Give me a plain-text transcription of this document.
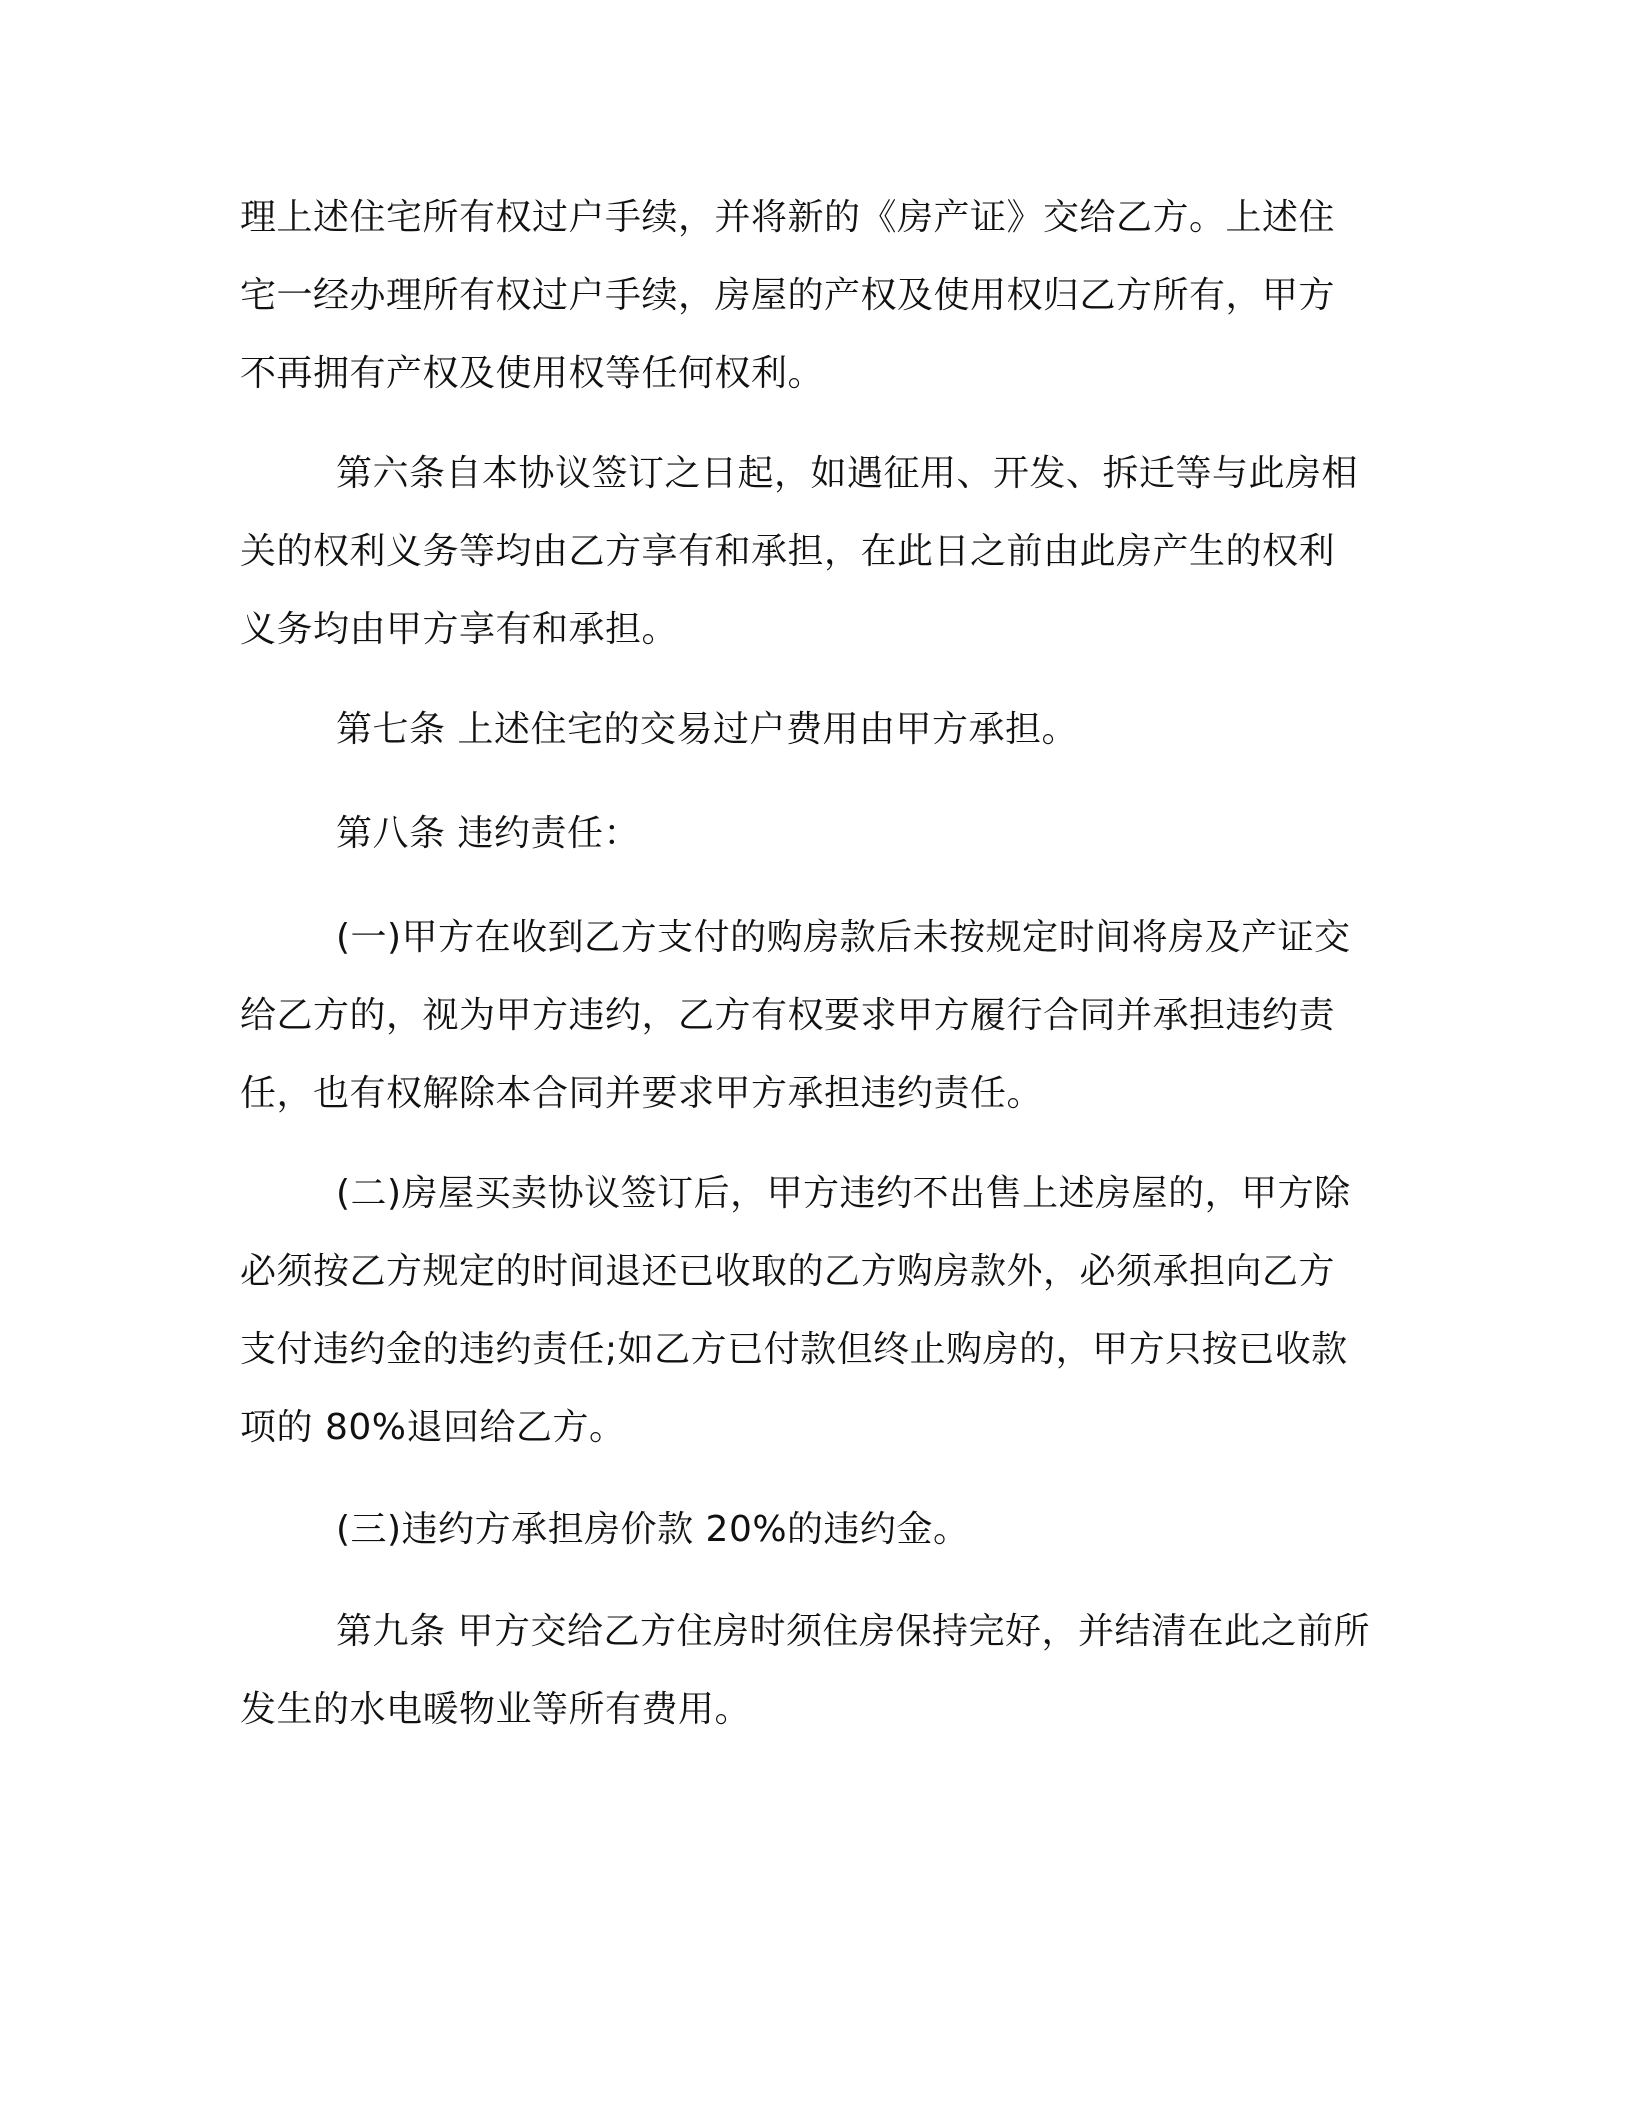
理上述住宅所有权过户手续，并将新的《房产证》交给乙方。上述住
宅一经办理所有权过户手续，房屋的产权及使用权归乙方所有，甲方
不再拥有产权及使用权等任何权利。
第六条自本协议签订之日起，如遇征用、开发、拆迁等与此房相
关的权利义务等均由乙方享有和承担，在此日之前由此房产生的权利
义务均由甲方享有和承担。
第七条 上述住宅的交易过户费用由甲方承担。
第八条 违约责任：
(一)甲方在收到乙方支付的购房款后未按规定时间将房及产证交
给乙方的，视为甲方违约，乙方有权要求甲方履行合同并承担违约责
任，也有权解除本合同并要求甲方承担违约责任。
(二)房屋买卖协议签订后，甲方违约不出售上述房屋的，甲方除
必须按乙方规定的时间退还已收取的乙方购房款外，必须承担向乙方
支付违约金的违约责任;如乙方已付款但终止购房的，甲方只按已收款
项的 80%退回给乙方。
(三)违约方承担房价款 20%的违约金。
第九条 甲方交给乙方住房时须住房保持完好，并结清在此之前所
发生的水电暖物业等所有费用。
